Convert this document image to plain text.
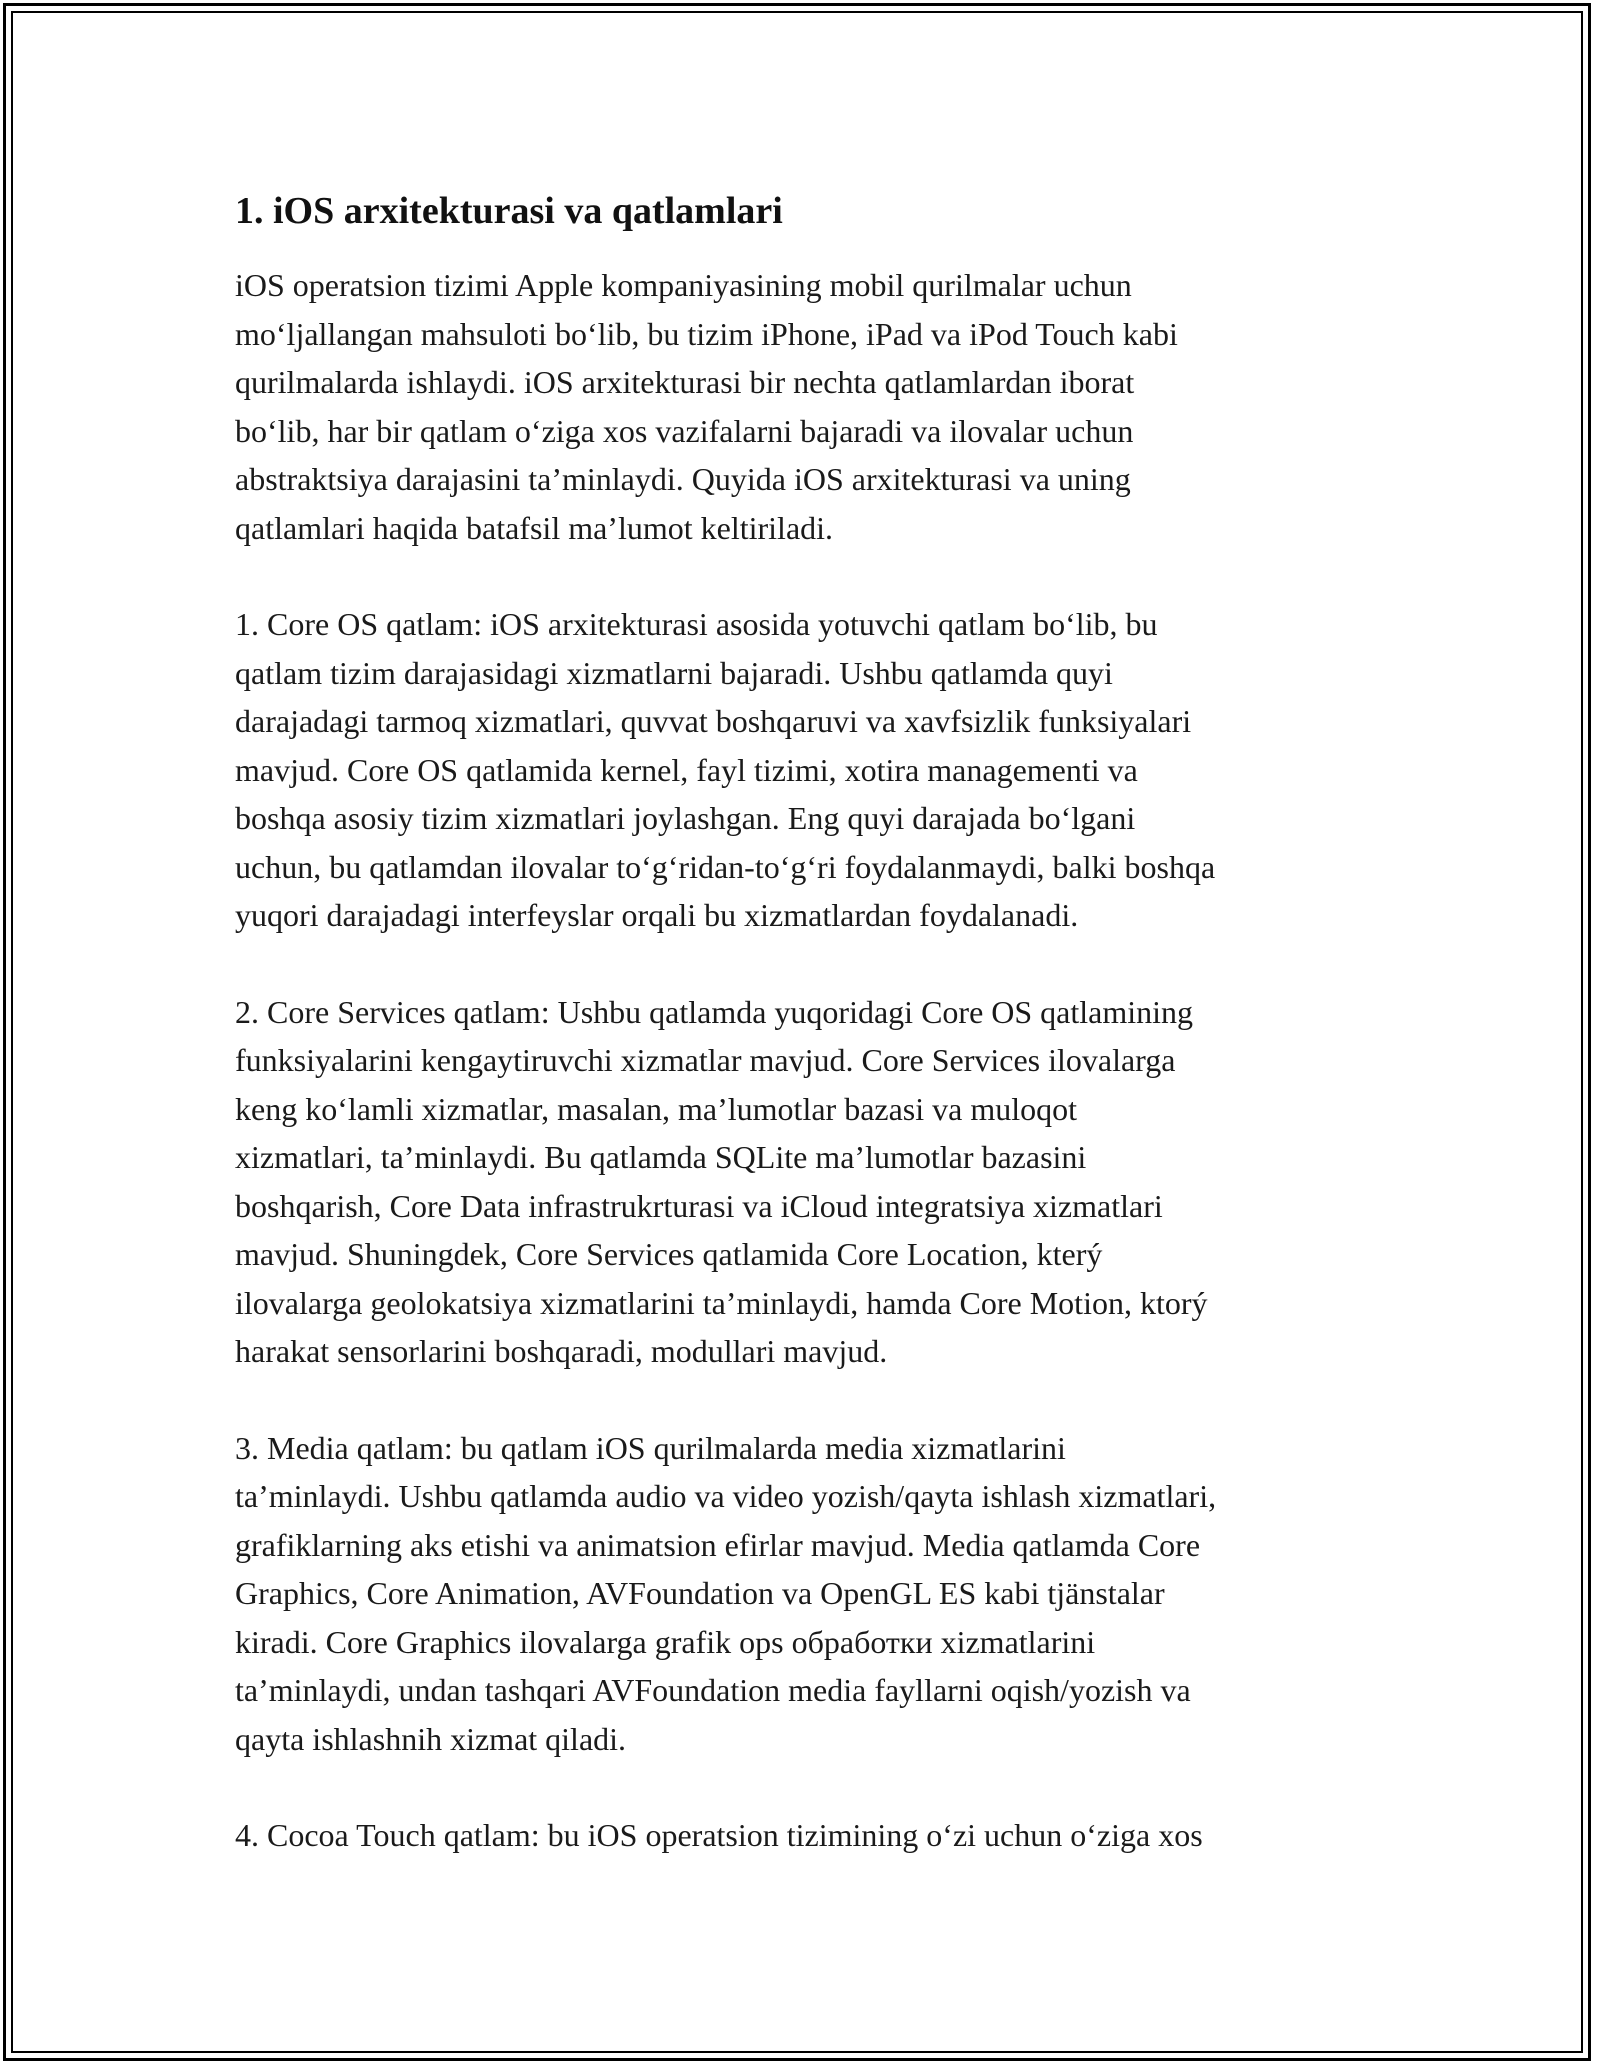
1. iOS arxitekturasi va qatlamlari

iOS operatsion tizimi Apple kompaniyasining mobil qurilmalar uchun
mo‘ljallangan mahsuloti bo‘lib, bu tizim iPhone, iPad va iPod Touch kabi
qurilmalarda ishlaydi. iOS arxitekturasi bir nechta qatlamlardan iborat
bo‘lib, har bir qatlam o‘ziga xos vazifalarni bajaradi va ilovalar uchun
abstraktsiya darajasini ta’minlaydi. Quyida iOS arxitekturasi va uning
qatlamlari haqida batafsil ma’lumot keltiriladi.

1. Core OS qatlam: iOS arxitekturasi asosida yotuvchi qatlam bo‘lib, bu
qatlam tizim darajasidagi xizmatlarni bajaradi. Ushbu qatlamda quyi
darajadagi tarmoq xizmatlari, quvvat boshqaruvi va xavfsizlik funksiyalari
mavjud. Core OS qatlamida kernel, fayl tizimi, xotira managementi va
boshqa asosiy tizim xizmatlari joylashgan. Eng quyi darajada bo‘lgani
uchun, bu qatlamdan ilovalar to‘g‘ridan-to‘g‘ri foydalanmaydi, balki boshqa
yuqori darajadagi interfeyslar orqali bu xizmatlardan foydalanadi.

2. Core Services qatlam: Ushbu qatlamda yuqoridagi Core OS qatlamining
funksiyalarini kengaytiruvchi xizmatlar mavjud. Core Services ilovalarga
keng ko‘lamli xizmatlar, masalan, ma’lumotlar bazasi va muloqot
xizmatlari, ta’minlaydi. Bu qatlamda SQLite ma’lumotlar bazasini
boshqarish, Core Data infrastrukrturasi va iCloud integratsiya xizmatlari
mavjud. Shuningdek, Core Services qatlamida Core Location, který
ilovalarga geolokatsiya xizmatlarini ta’minlaydi, hamda Core Motion, ktorý
harakat sensorlarini boshqaradi, modullari mavjud.

3. Media qatlam: bu qatlam iOS qurilmalarda media xizmatlarini
ta’minlaydi. Ushbu qatlamda audio va video yozish/qayta ishlash xizmatlari,
grafiklarning aks etishi va animatsion efirlar mavjud. Media qatlamda Core
Graphics, Core Animation, AVFoundation va OpenGL ES kabi tjänstalar
kiradi. Core Graphics ilovalarga grafik ops обработки xizmatlarini
ta’minlaydi, undan tashqari AVFoundation media fayllarni oqish/yozish va
qayta ishlashnih xizmat qiladi.

4. Cocoa Touch qatlam: bu iOS operatsion tizimining o‘zi uchun o‘ziga xos
